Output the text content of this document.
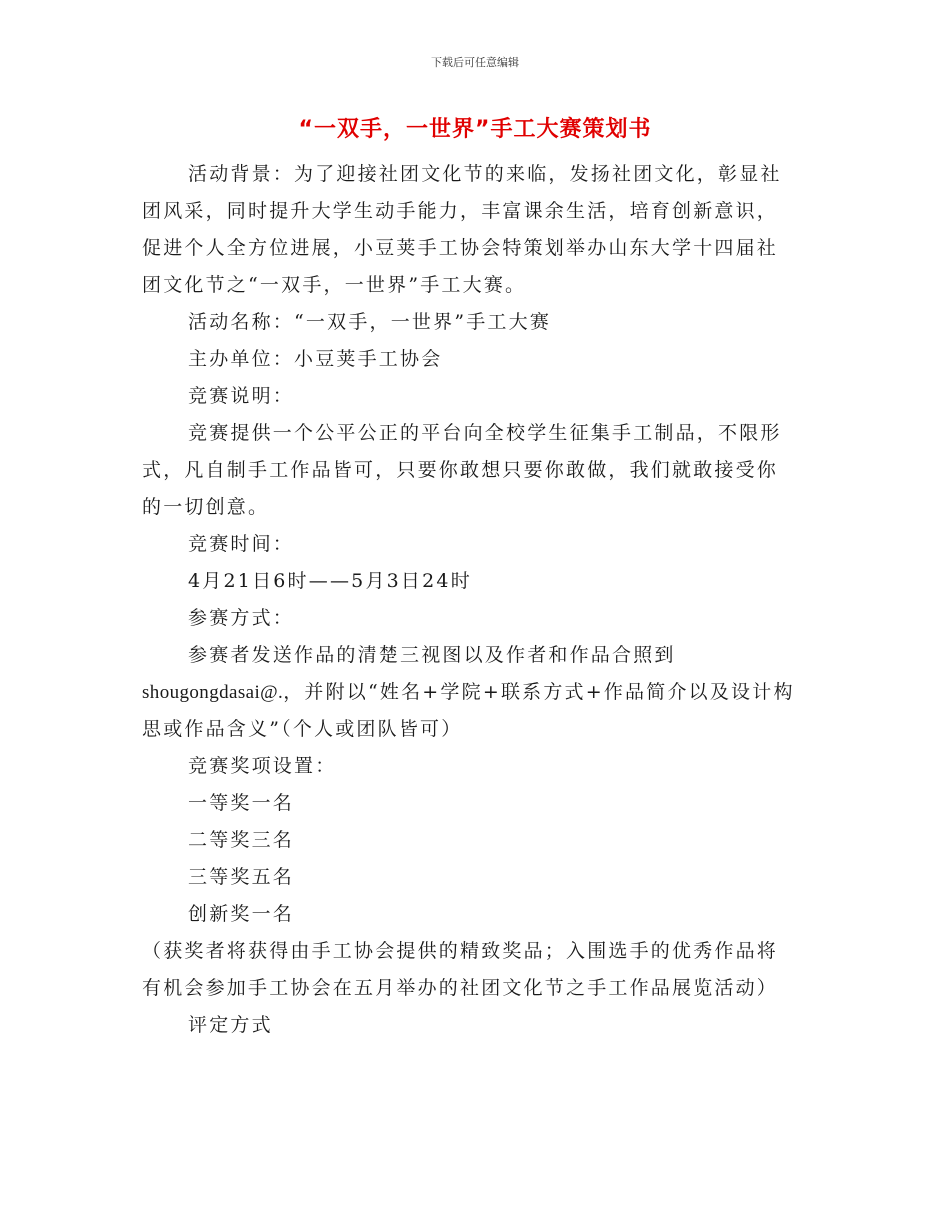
下载后可任意编辑
“一双手，一世界”手工大赛策划书

活动背景：为了迎接社团文化节的来临，发扬社团文化，彰显社团风采，同时提升大学生动手能力，丰富课余生活，培育创新意识，促进个人全方位进展，小豆荚手工协会特策划举办山东大学十四届社团文化节之“一双手，一世界”手工大赛。

活动名称：“一双手，一世界”手工大赛

主办单位：小豆荚手工协会

竞赛说明：

竞赛提供一个公平公正的平台向全校学生征集手工制品，不限形式，凡自制手工作品皆可，只要你敢想只要你敢做，我们就敢接受你的一切创意。

竞赛时间：

4月21日6时——5月3日24时

参赛方式：

参赛者发送作品的清楚三视图以及作者和作品合照到

shougongdasai@.，并附以“姓名+学院+联系方式+作品简介以及设计构思或作品含义”（个人或团队皆可）

竞赛奖项设置：

一等奖一名

二等奖三名

三等奖五名

创新奖一名

（获奖者将获得由手工协会提供的精致奖品；入围选手的优秀作品将有机会参加手工协会在五月举办的社团文化节之手工作品展览活动）

评定方式
